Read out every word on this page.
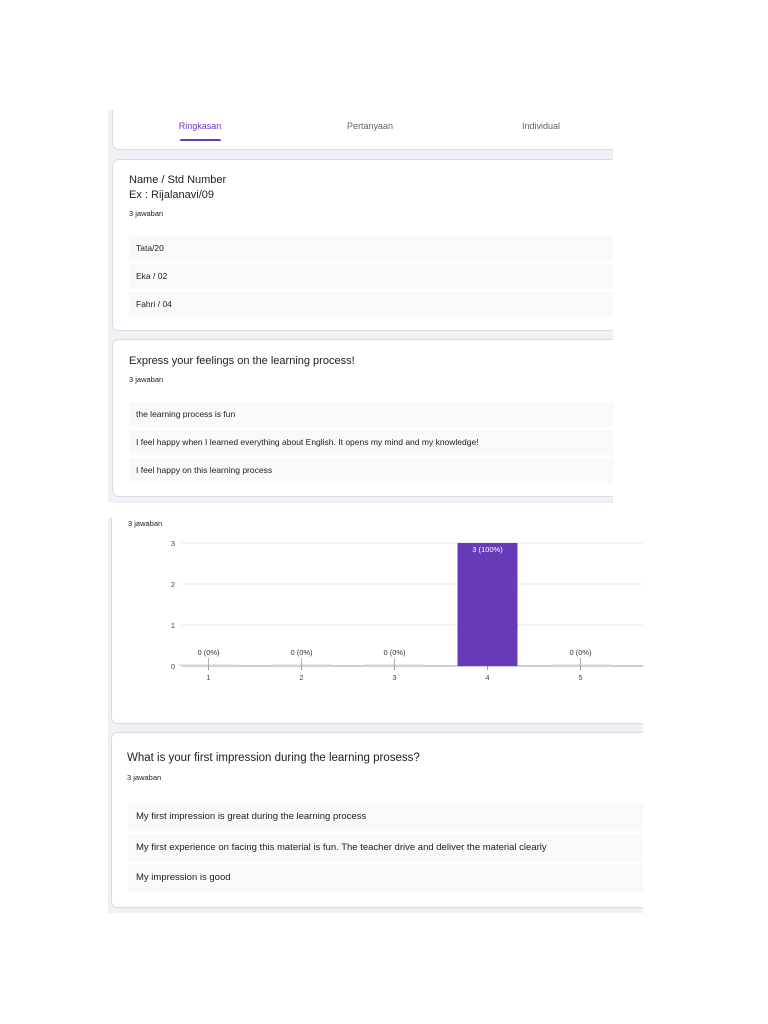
Ringkasan	Pertanyaan	Individual
Name / Std Number
Ex : Rijalanavi/09
3 jawaban
Tata/20
Eka / 02
Fahri / 04
Express your feelings on the learning process!
3 jawaban
the learning process is fun
I feel happy when I learned everything about English. It opens my mind and my knowledge!
I feel happy on this learning process
3 jawaban
0
1
2
3
1
0 (0%)
2
0 (0%)
3
0 (0%)
4
3 (100%)
5
0 (0%)
What is your first impression during the learning prosess?
3 jawaban
My first impression is great during the learning process
My first experience on facing this material is fun. The teacher drive and deliver the material clearly
My impression is good
